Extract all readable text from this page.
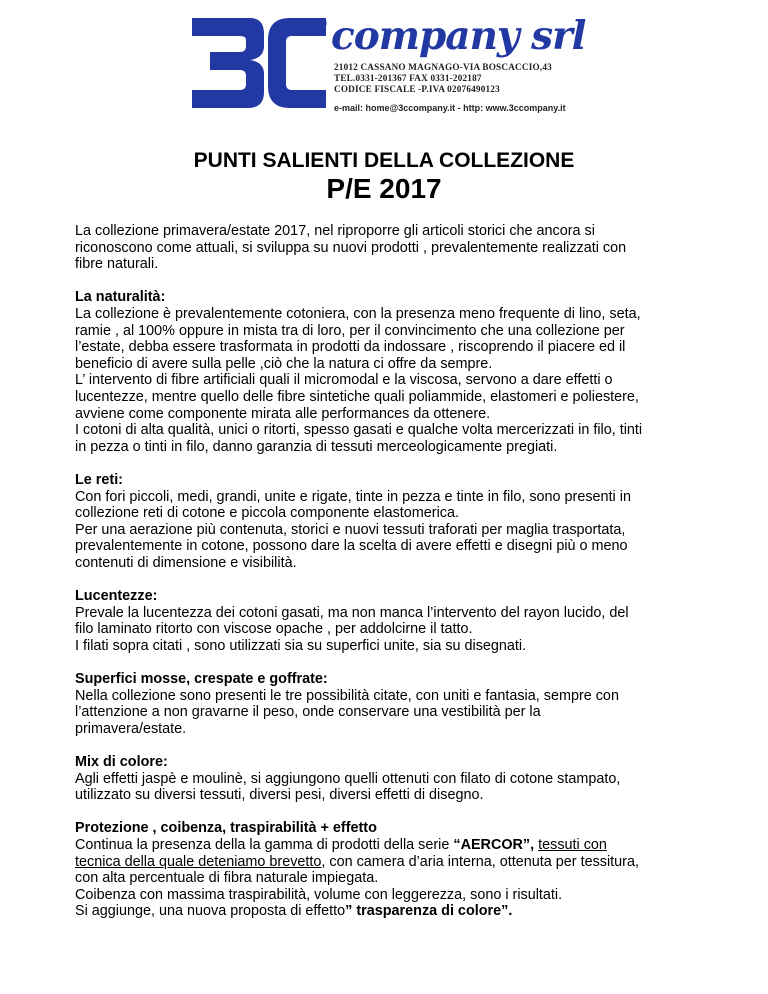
® company srl
21012 CASSANO MAGNAGO-VIA BOSCACCIO,43
TEL.0331-201367 FAX 0331-202187
CODICE FISCALE -P.IVA 02076490123
e-mail: home@3ccompany.it - http: www.3ccompany.it
PUNTI SALIENTI DELLA COLLEZIONE
P/E 2017

La collezione primavera/estate 2017, nel riproporre gli articoli storici che ancora si
riconoscono come attuali, si sviluppa su nuovi prodotti , prevalentemente realizzati con
fibre naturali.

La naturalità:
La collezione è prevalentemente cotoniera, con la presenza meno frequente di lino, seta,
ramie , al 100% oppure in mista tra di loro, per il convincimento che una collezione per
l’estate, debba essere trasformata in prodotti da indossare , riscoprendo il piacere ed il
beneficio di avere sulla pelle ,ciò che la natura ci offre da sempre.
L’ intervento di fibre artificiali quali il micromodal e la viscosa, servono a dare effetti o
lucentezze, mentre quello delle fibre sintetiche quali poliammide, elastomeri e poliestere,
avviene come componente mirata alle performances da ottenere.
I cotoni di alta qualità, unici o ritorti, spesso gasati e qualche volta mercerizzati in filo, tinti
in pezza o tinti in filo, danno garanzia di tessuti merceologicamente pregiati.

Le reti:
Con fori piccoli, medi, grandi, unite e rigate, tinte in pezza e tinte in filo, sono presenti in
collezione reti di cotone e piccola componente elastomerica.
Per una aerazione più contenuta, storici e nuovi tessuti traforati per maglia trasportata,
prevalentemente in cotone, possono dare la scelta di avere effetti e disegni più o meno
contenuti di dimensione e visibilità.

Lucentezze:
Prevale la lucentezza dei cotoni gasati, ma non manca l’intervento del rayon lucido, del
filo laminato ritorto con viscose opache , per addolcirne il tatto.
I filati sopra citati , sono utilizzati sia su superfici unite, sia su disegnati.

Superfici mosse, crespate e goffrate:
Nella collezione sono presenti le tre possibilità citate, con uniti e fantasia, sempre con
l’attenzione a non gravarne il peso, onde conservare una vestibilità per la
primavera/estate.

Mix di colore:
Agli effetti jaspè e moulinè, si aggiungono quelli ottenuti con filato di cotone stampato,
utilizzato su diversi tessuti, diversi pesi, diversi effetti di disegno.

Protezione , coibenza, traspirabilità + effetto
Continua la presenza della la gamma di prodotti della serie “AERCOR”, tessuti con
tecnica della quale deteniamo brevetto, con camera d’aria interna, ottenuta per tessitura,
con alta percentuale di fibra naturale impiegata.
Coibenza con massima traspirabilità, volume con leggerezza, sono i risultati.
Si aggiunge, una nuova proposta di effetto” trasparenza di colore”.
